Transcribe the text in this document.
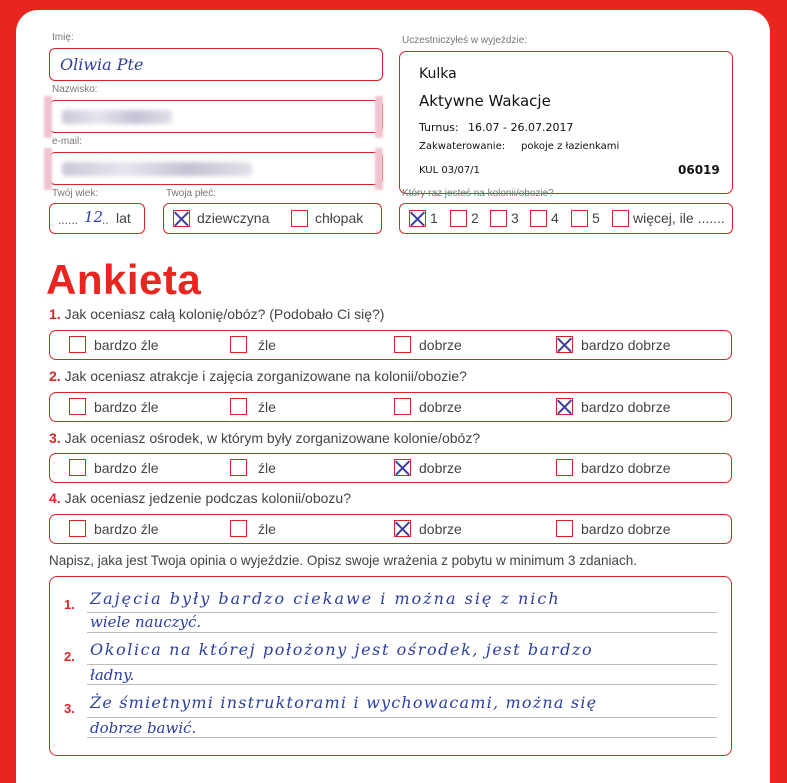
Imię:
Oliwia Pte
Nazwisko:
e-mail:
Twój wiek:
...... 12
.. lat
Twoja płeć:
dziewczyna	chłopak
Uczestniczyłeś w wyjeździe:
Kulka
Aktywne Wakacje
Turnus: 16.07 - 26.07.2017
Zakwaterowanie: pokoje z łazienkami
KUL 03/07/1	06019
Który raz jesteś na kolonii/obozie?
1 2 3 4 5 więcej, ile .......
Ankieta
1. Jak oceniasz całą kolonię/obóz? (Podobało Ci się?)
bardzo źle	źle	dobrze	bardzo dobrze
2. Jak oceniasz atrakcje i zajęcia zorganizowane na kolonii/obozie?
bardzo źle	źle	dobrze	bardzo dobrze
3. Jak oceniasz ośrodek, w którym były zorganizowane kolonie/obóz?
bardzo źle	źle	dobrze	bardzo dobrze
4. Jak oceniasz jedzenie podczas kolonii/obozu?
bardzo źle	źle	dobrze	bardzo dobrze
Napisz, jaka jest Twoja opinia o wyjeździe. Opisz swoje wrażenia z pobytu w minimum 3 zdaniach.
1. Zajęcia były bardzo ciekawe i można się z nich
wiele nauczyć.
2. Okolica na której położony jest ośrodek, jest bardzo
ładny.
3. Że śmietnymi instruktorami i wychowacami, można się
dobrze bawić.
